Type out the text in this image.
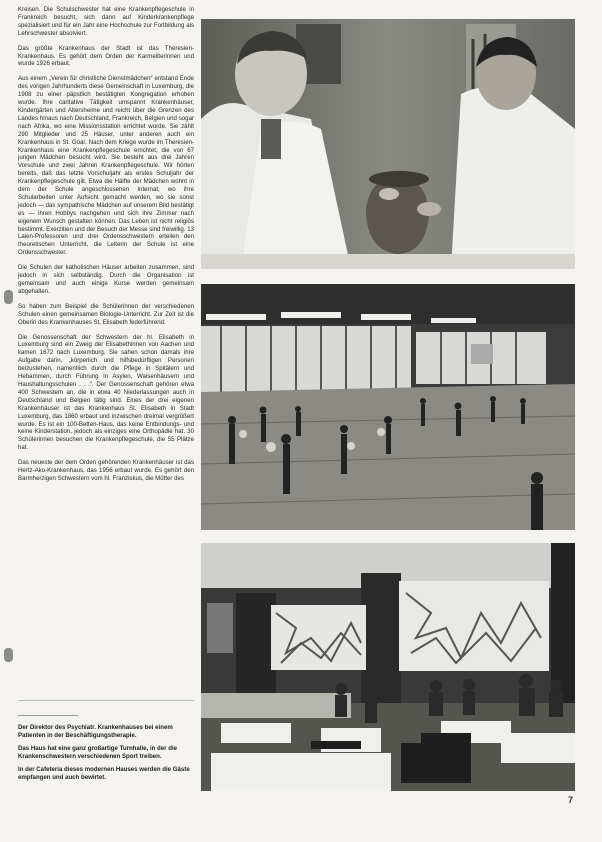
Kreisen. Die Schulschwester hat eine Krankenpflegeschule in Frankreich besucht, sich dann auf Kinderkrankenpflege spezialisiert und für ein Jahr eine Hochschule zur Fortbildung als Lehrschwester absolviert.

Das größte Krankenhaus der Stadt ist das Theresien-Krankenhaus. Es gehört dem Orden der Karmeliterinnen und wurde 1926 erbaut.

Aus einem „Verein für christliche Dienstmädchen“ entstand Ende des vorigen Jahrhunderts diese Gemeinschaft in Luxemburg, die 1908 zu einer päpstlich bestätigten Kongregation erhoben wurde. Ihre caritative Tätigkeit umspannt Krankenhäuser, Kindergärten und Altersheime und reicht über die Grenzen des Landes hinaus nach Deutschland, Frankreich, Belgien und sogar nach Afrika, wo eine Missionsstation errichtet wurde. Sie zählt 290 Mitglieder und 25 Häuser, unter anderen auch ein Krankenhaus in St. Goar. Nach dem Kriege wurde im Theresien-Krankenhaus eine Krankenpflegeschule errichtet, die von 67 jungen Mädchen besucht wird. Sie besteht aus drei Jahren Vorschule und zwei Jahren Krankenpflegeschule. Wir hörten bereits, daß das letzte Vorschuljahr als erstes Schuljahr der Krankenpflegeschule gilt. Etwa die Hälfte der Mädchen wohnt in dem der Schule angeschlossenen Internat, wo ihre Schularbeiten unter Aufsicht gemacht werden, wo sie sonst jedoch — das sympathische Mädchen auf unserem Bild bestätigt es — ihren Hobbys nachgehen und sich ihre Zimmer nach eigenem Wunsch gestalten können. Das Leben ist nicht religiös bestimmt. Exerzitien und der Besuch der Messe sind freiwillig. 13 Laien-Professoren und drei Ordensschwestern erteilen den theoretischen Unterricht, die Leiterin der Schule ist eine Ordensschwester.

Die Schulen der katholischen Häuser arbeiten zusammen, sind jedoch in sich selbständig. Durch die Organisation ist gemeinsam und auch einige Kurse werden gemeinsam abgehalten.

So haben zum Beispiel die Schülerinnen der verschiedenen Schulen einen gemeinsamen Biologie-Unterricht. Zur Zeit ist die Oberin des Krankenhauses St. Elisabeth federführend.

Die Genossenschaft der Schwestern der hl. Elisabeth in Luxemburg sind ein Zweig der Elisabethinnen von Aachen und kamen 1672 nach Luxemburg. Sie sahen schon damals ihre Aufgabe darin, „körperlich und hilfsbedürftigen Personen beizustehen, namentlich durch die Pflege in Spitälern und Hebammen, durch Führung in Asylen, Waisenhäusern und Haushaltungsschulen . . .“. Der Genossenschaft gehören etwa 400 Schwestern an, die in etwa 40 Niederlassungen auch in Deutschland und Belgien tätig sind. Eines der drei eigenen Krankenhäuser ist das Krankenhaus St. Elisabeth in Stadt Luxemburg, das 1860 erbaut und inzwischen dreimal vergrößert wurde. Es ist ein 100-Betten-Haus, das keine Entbindungs- und keine Kinderstation, jedoch als einziges eine Orthopädie hat. 30 Schülerinnen besuchen die Krankenpflegeschule, die 55 Plätze hat.

Das neueste der dem Orden gehörenden Krankenhäuser ist das Hertz-Ako-Krankenhaus, das 1956 erbaut wurde. Es gehört den Barmherzigen Schwestern vom hl. Franziskus, die Mütter des

Der Direktor des Psychiatr. Krankenhauses bei einem Patienten in der Beschäftigungstherapie.

Das Haus hat eine ganz großartige Turnhalle, in der die Krankenschwestern verschiedenen Sport treiben.

In der Cafeteria dieses modernen Hauses werden die Gäste empfangen und auch bewirtet.

7
